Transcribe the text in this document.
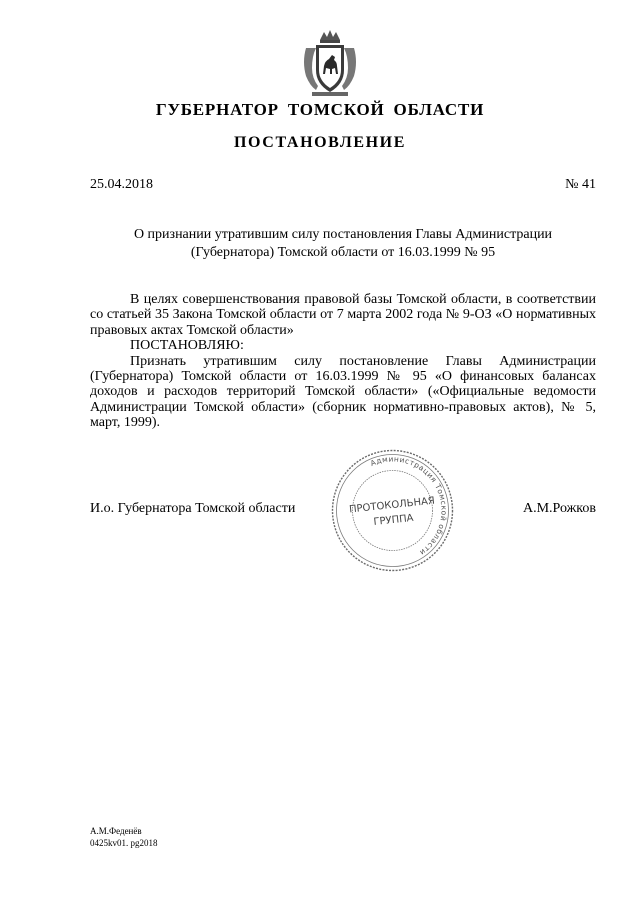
ГУБЕРНАТОР ТОМСКОЙ ОБЛАСТИ
ПОСТАНОВЛЕНИЕ
25.04.2018	№ 41
О признании утратившим силу постановления Главы Администрации
(Губернатора) Томской области от 16.03.1999 № 95

В целях совершенствования правовой базы Томской области, в соответствии со статьей 35 Закона Томской области от 7 марта 2002 года № 9-ОЗ «О нормативных правовых актах Томской области»

ПОСТАНОВЛЯЮ:

Признать утратившим силу постановление Главы Администрации (Губернатора) Томской области от 16.03.1999 № 95 «О финансовых балансах доходов и расходов территорий Томской области» («Официальные ведомости Администрации Томской области» (сборник нормативно-правовых актов), № 5, март, 1999).

И.о. Губернатора Томской области	А.М.Рожков
Администрация Томской области
ПРОТОКОЛЬНАЯ
ГРУППА
А.М.Феденёв
0425kv01. pg2018
